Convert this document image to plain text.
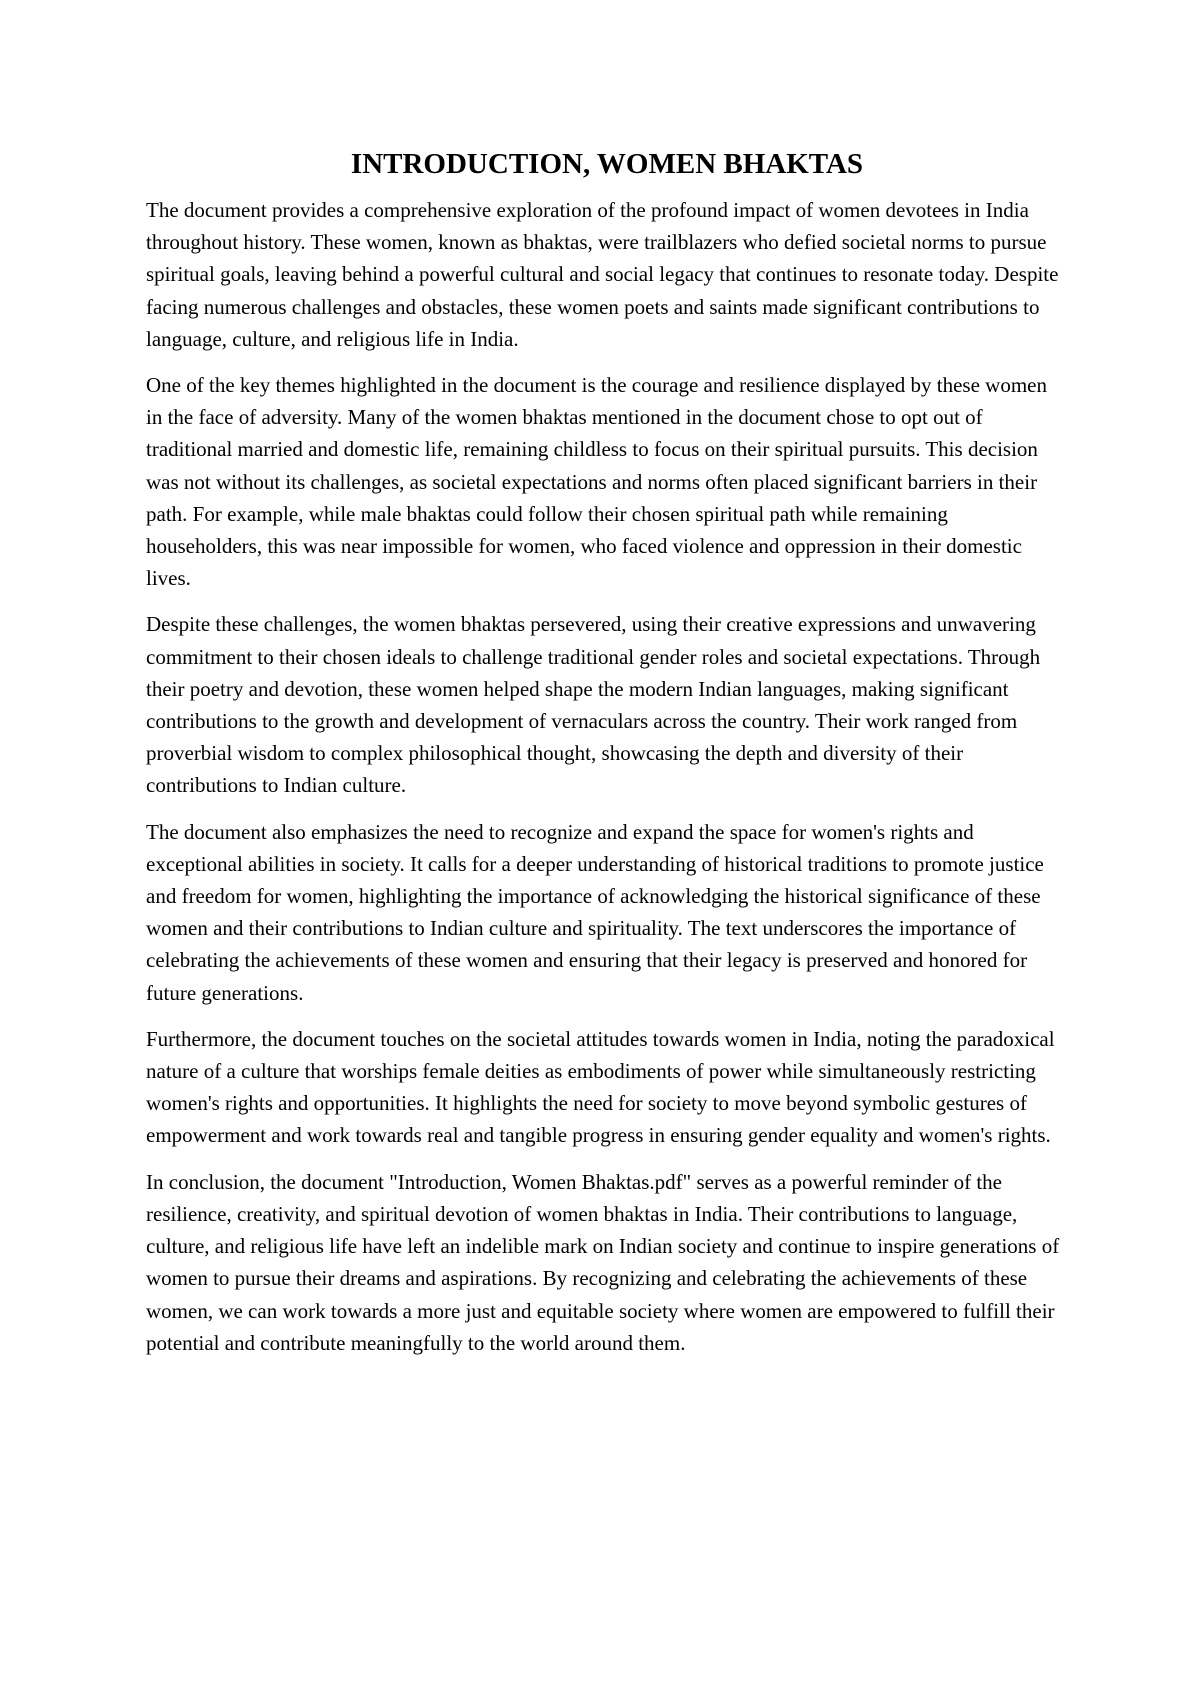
INTRODUCTION, WOMEN BHAKTAS

The document provides a comprehensive exploration of the profound impact of women devotees in India throughout history. These women, known as bhaktas, were trailblazers who defied societal norms to pursue spiritual goals, leaving behind a powerful cultural and social legacy that continues to resonate today. Despite facing numerous challenges and obstacles, these women poets and saints made significant contributions to language, culture, and religious life in India.

One of the key themes highlighted in the document is the courage and resilience displayed by these women in the face of adversity. Many of the women bhaktas mentioned in the document chose to opt out of traditional married and domestic life, remaining childless to focus on their spiritual pursuits. This decision was not without its challenges, as societal expectations and norms often placed significant barriers in their path. For example, while male bhaktas could follow their chosen spiritual path while remaining householders, this was near impossible for women, who faced violence and oppression in their domestic lives.

Despite these challenges, the women bhaktas persevered, using their creative expressions and unwavering commitment to their chosen ideals to challenge traditional gender roles and societal expectations. Through their poetry and devotion, these women helped shape the modern Indian languages, making significant contributions to the growth and development of vernaculars across the country. Their work ranged from proverbial wisdom to complex philosophical thought, showcasing the depth and diversity of their contributions to Indian culture.

The document also emphasizes the need to recognize and expand the space for women's rights and exceptional abilities in society. It calls for a deeper understanding of historical traditions to promote justice and freedom for women, highlighting the importance of acknowledging the historical significance of these women and their contributions to Indian culture and spirituality. The text underscores the importance of celebrating the achievements of these women and ensuring that their legacy is preserved and honored for future generations.

Furthermore, the document touches on the societal attitudes towards women in India, noting the paradoxical nature of a culture that worships female deities as embodiments of power while simultaneously restricting women's rights and opportunities. It highlights the need for society to move beyond symbolic gestures of empowerment and work towards real and tangible progress in ensuring gender equality and women's rights.

In conclusion, the document "Introduction, Women Bhaktas.pdf" serves as a powerful reminder of the resilience, creativity, and spiritual devotion of women bhaktas in India. Their contributions to language, culture, and religious life have left an indelible mark on Indian society and continue to inspire generations of women to pursue their dreams and aspirations. By recognizing and celebrating the achievements of these women, we can work towards a more just and equitable society where women are empowered to fulfill their potential and contribute meaningfully to the world around them.
